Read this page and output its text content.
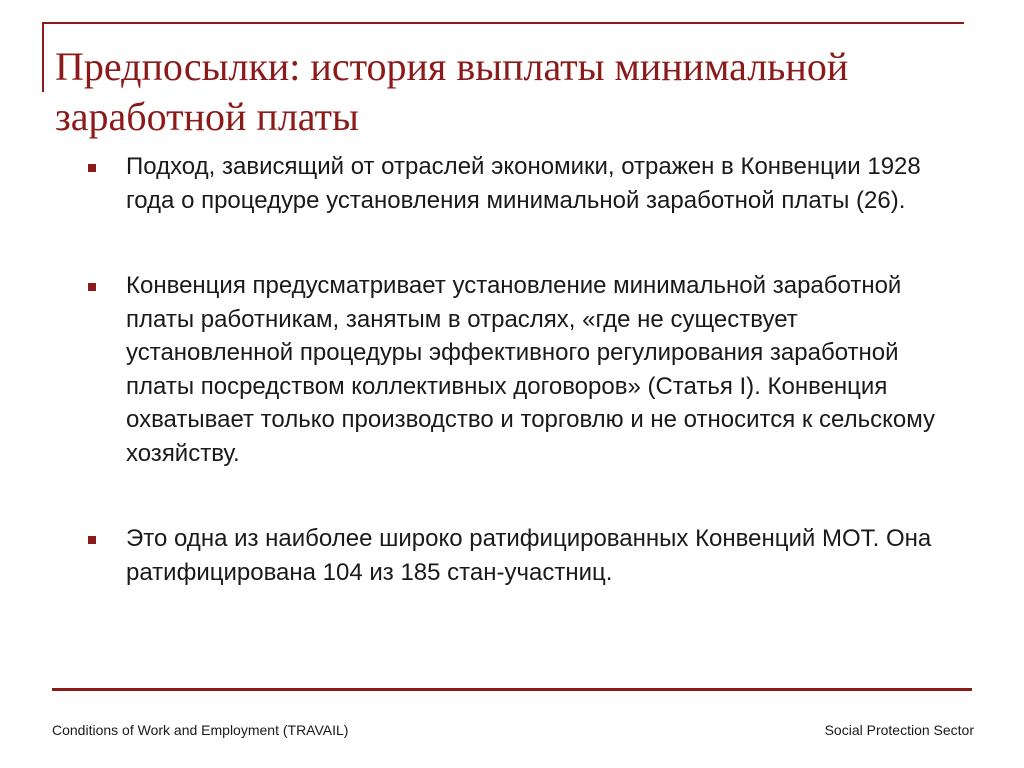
Предпосылки: история выплаты минимальной заработной платы
Подход, зависящий от отраслей экономики, отражен в Конвенции 1928 года о процедуре установления минимальной заработной платы (26).
Конвенция предусматривает установление минимальной заработной платы работникам, занятым в отраслях, «где не существует установленной процедуры эффективного регулирования заработной платы посредством коллективных договоров» (Статья I). Конвенция охватывает только производство и торговлю и не относится к сельскому хозяйству.
Это одна из наиболее широко ратифицированных Конвенций МОТ. Она ратифицирована 104 из 185 стан-участниц.
Conditions of Work and Employment (TRAVAIL)	Social Protection Sector
